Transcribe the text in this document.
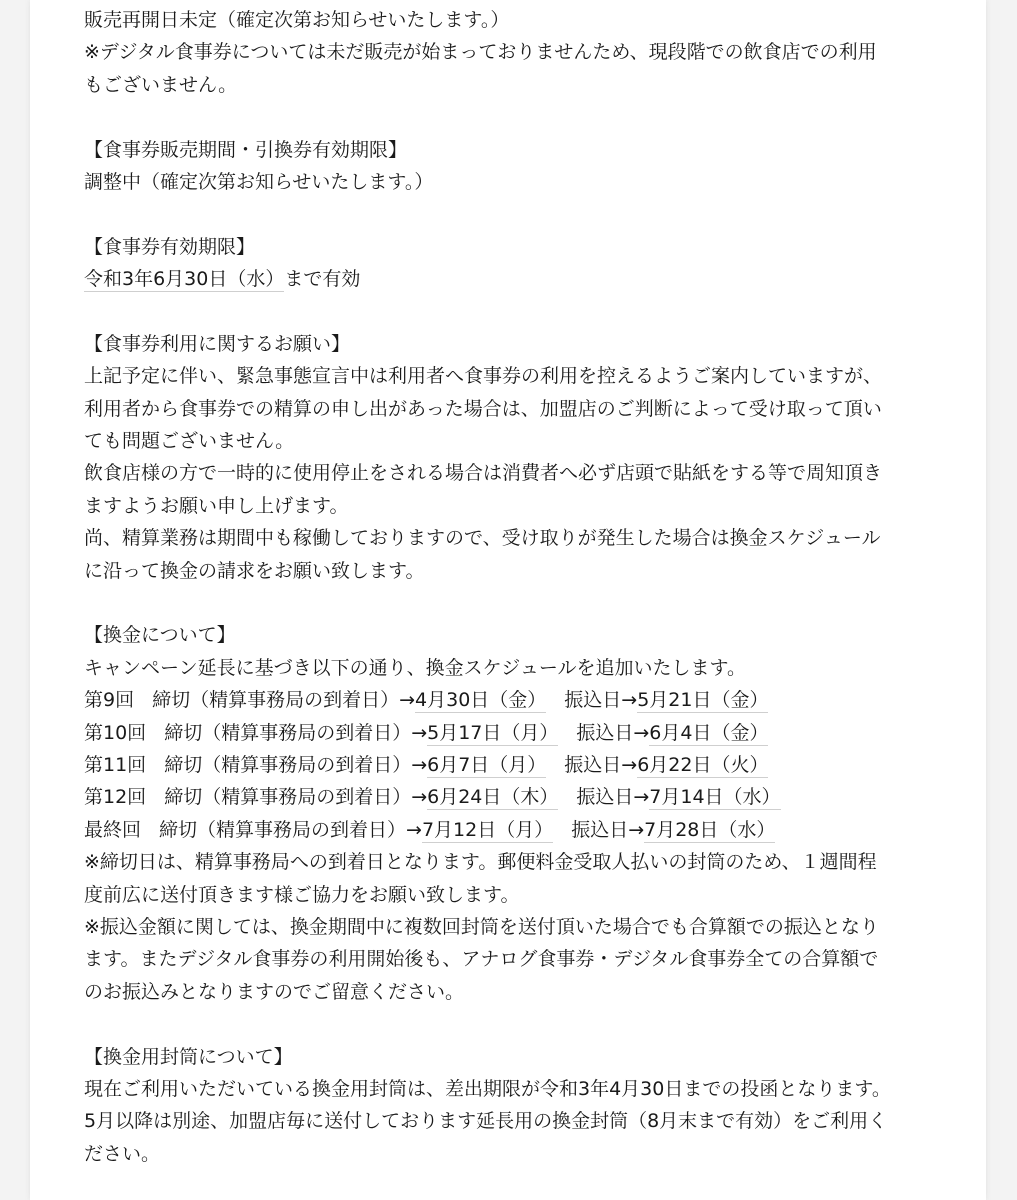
販売再開日未定（確定次第お知らせいたします。）
※デジタル食事券については未だ販売が始まっておりませんため、現段階での飲食店での利用
もございません。
【食事券販売期間・引換券有効期限】
調整中（確定次第お知らせいたします。）
【食事券有効期限】
令和3年6月30日（水）まで有効
【食事券利用に関するお願い】
上記予定に伴い、緊急事態宣言中は利用者へ食事券の利用を控えるようご案内していますが、
利用者から食事券での精算の申し出があった場合は、加盟店のご判断によって受け取って頂い
ても問題ございません。
飲食店様の方で一時的に使用停止をされる場合は消費者へ必ず店頭で貼紙をする等で周知頂き
ますようお願い申し上げます。
尚、精算業務は期間中も稼働しておりますので、受け取りが発生した場合は換金スケジュール
に沿って換金の請求をお願い致します。
【換金について】
キャンペーン延長に基づき以下の通り、換金スケジュールを追加いたします。
第9回 締切（精算事務局の到着日）→4月30日（金） 振込日→5月21日（金）
第10回 締切（精算事務局の到着日）→5月17日（月） 振込日→6月4日（金）
第11回 締切（精算事務局の到着日）→6月7日（月） 振込日→6月22日（火）
第12回 締切（精算事務局の到着日）→6月24日（木） 振込日→7月14日（水）
最終回 締切（精算事務局の到着日）→7月12日（月） 振込日→7月28日（水）
※締切日は、精算事務局への到着日となります。郵便料金受取人払いの封筒のため、１週間程
度前広に送付頂きます様ご協力をお願い致します。
※振込金額に関しては、換金期間中に複数回封筒を送付頂いた場合でも合算額での振込となり
ます。またデジタル食事券の利用開始後も、アナログ食事券・デジタル食事券全ての合算額で
のお振込みとなりますのでご留意ください。
【換金用封筒について】
現在ご利用いただいている換金用封筒は、差出期限が令和3年4月30日までの投函となります。
5月以降は別途、加盟店毎に送付しております延長用の換金封筒（8月末まで有効）をご利用く
ださい。
